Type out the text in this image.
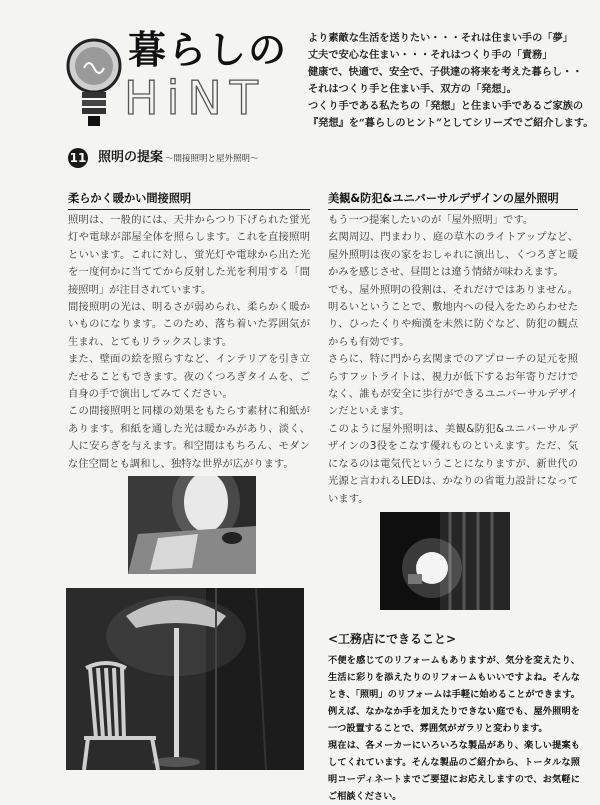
暮らしの
HiNT

より素敵な生活を送りたい・・・それは住まい手の「夢」

丈夫で安心な住まい・・・それはつくり手の「責務」

健康で、快適で、安全で、子供達の将来を考えた暮らし・・

それはつくり手と住まい手、双方の「発想」。

つくり手である私たちの「発想」と住まい手であるご家族の

『発想』を“暮らしのヒント”としてシリーズでご紹介します。

11 照明の提案 〜間接照明と屋外照明〜
柔らかく暖かい間接照明

照明は、一般的には、天井からつり下げられた蛍光灯や電球が部屋全体を照らします。これを直接照明といいます。これに対し、蛍光灯や電球から出た光を一度何かに当ててから反射した光を利用する「間接照明」が注目されています。

間接照明の光は、明るさが弱められ、柔らかく暖かいものになります。このため、落ち着いた雰囲気が生まれ、とてもリラックスします。

また、壁面の絵を照らすなど、インテリアを引き立たせることもできます。夜のくつろぎタイムを、ご自身の手で演出してみてください。

この間接照明と同様の効果をもたらす素材に和紙があります。和紙を通した光は暖かみがあり、淡く、人に安らぎを与えます。和空間はもちろん、モダンな住空間とも調和し、独特な世界が広がります。

美観&防犯&ユニバーサルデザインの屋外照明

もう一つ提案したいのが「屋外照明」です。

玄関周辺、門まわり、庭の草木のライトアップなど、屋外照明は夜の家をおしゃれに演出し、くつろぎと暖かみを感じさせ、昼間とは違う情緒が味わえます。

でも、屋外照明の役割は、それだけではありません。明るいということで、敷地内への侵入をためらわせたり、ひったくりや痴漢を未然に防ぐなど、防犯の観点からも有効です。

さらに、特に門から玄関までのアプローチの足元を照らすフットライトは、視力が低下するお年寄りだけでなく、誰もが安全に歩行ができるユニバーサルデザインだといえます。

このように屋外照明は、美観&防犯&ユニバーサルデザインの3役をこなす優れものといえます。ただ、気になるのは電気代ということになりますが、新世代の光源と言われるLEDは、かなりの省電力設計になっています。

<工務店にできること>

不便を感じてのリフォームもありますが、気分を変えたり、生活に彩りを添えたりのリフォームもいいですよね。そんなとき、「照明」のリフォームは手軽に始めることができます。例えば、なかなか手を加えたりできない庭でも、屋外照明を一つ設置することで、雰囲気がガラリと変わります。

現在は、各メーカーにいろいろな製品があり、楽しい提案もしてくれています。そんな製品のご紹介から、トータルな照明コーディネートまでご要望にお応えしますので、お気軽にご相談ください。
